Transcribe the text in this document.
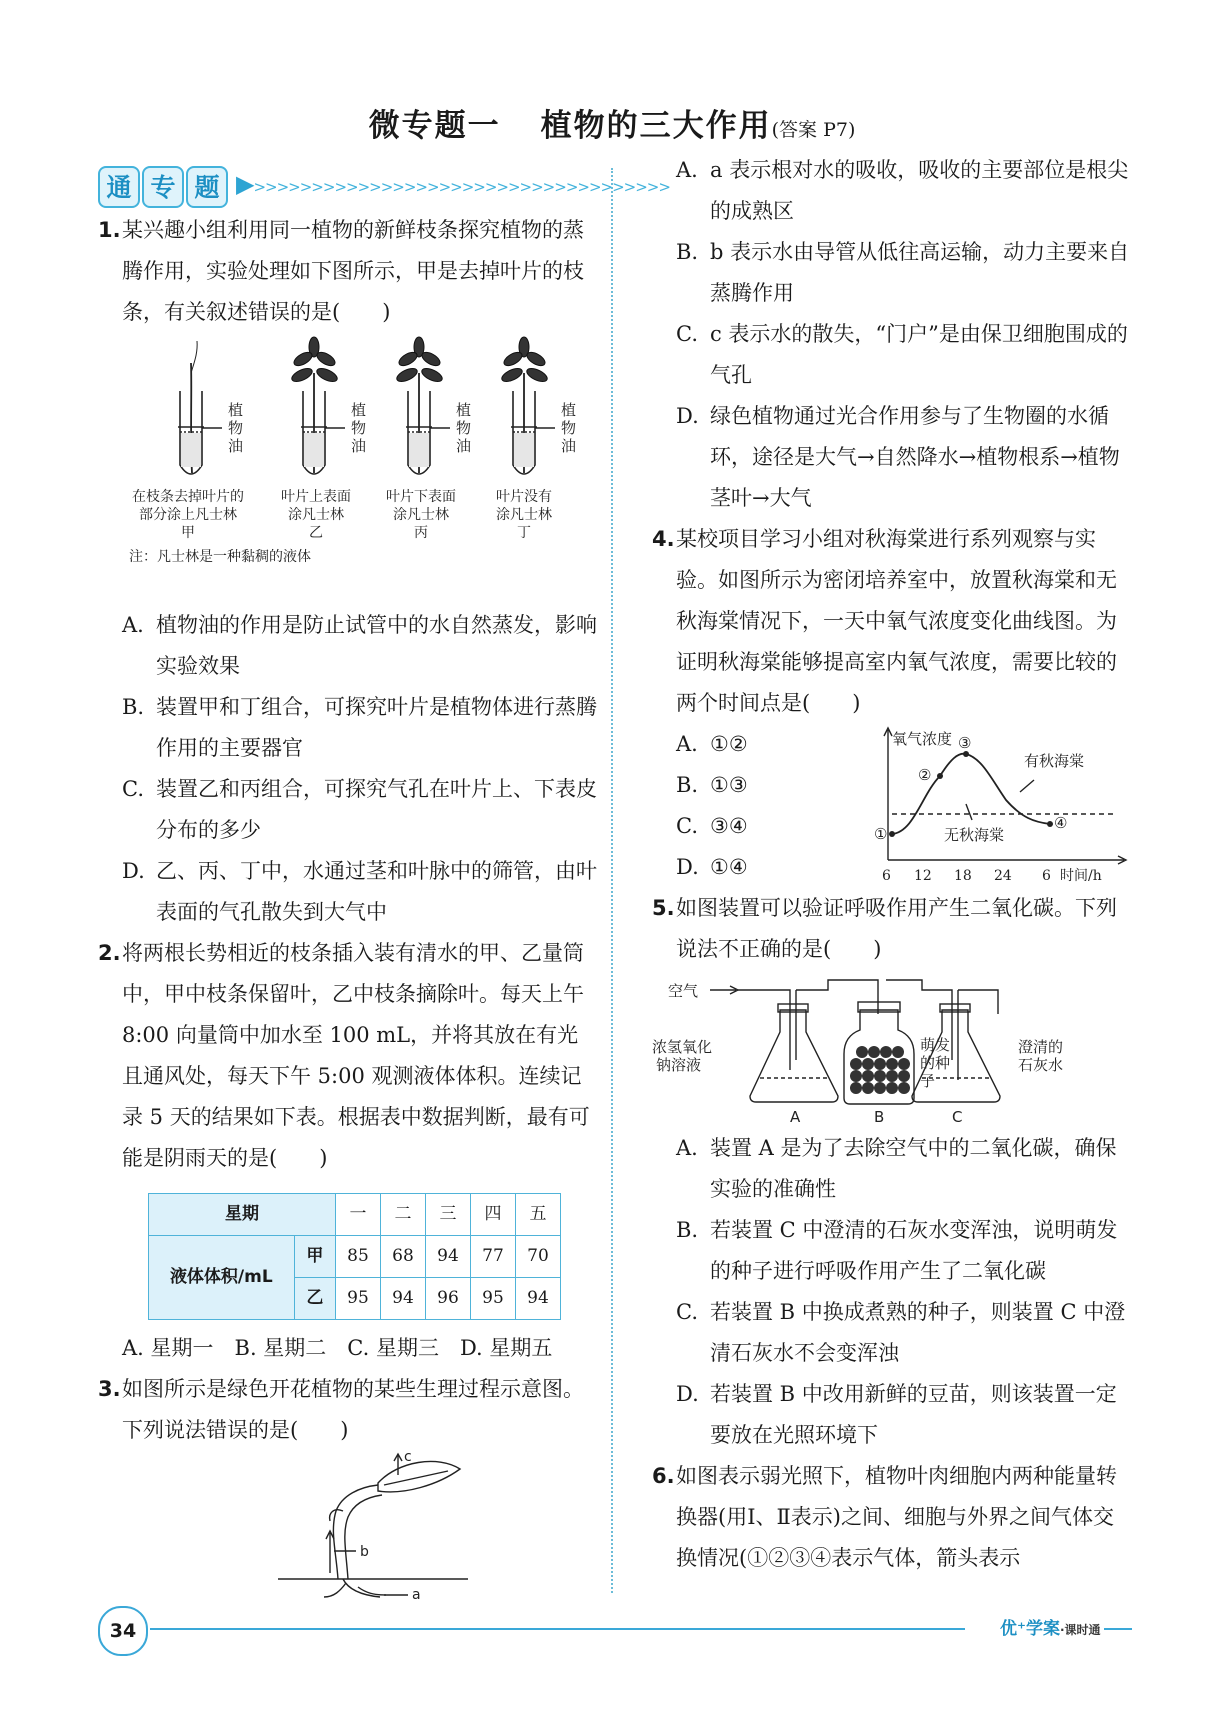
微专题一 植物的三大作用(答案 P7)
通 专 题 ▶>>>>>>>>>>>>>>>>>>>>>>>>>>>>>>>>>>>>
1. 某兴趣小组利用同一植物的新鲜枝条探究植物的蒸腾作用，实验处理如下图所示，甲是去掉叶片的枝条，有关叙述错误的是(　　)
植
物
油
植
物
油
植
物
油
植
物
油
在枝条去掉叶片的
部分涂上凡士林
甲
叶片上表面
涂凡士林
乙
叶片下表面
涂凡士林
丙
叶片没有
涂凡士林
丁
注：凡士林是一种黏稠的液体
A. 植物油的作用是防止试管中的水自然蒸发，影响实验效果
B. 装置甲和丁组合，可探究叶片是植物体进行蒸腾作用的主要器官
C. 装置乙和丙组合，可探究气孔在叶片上、下表皮分布的多少
D. 乙、丙、丁中，水通过茎和叶脉中的筛管，由叶表面的气孔散失到大气中
2. 将两根长势相近的枝条插入装有清水的甲、乙量筒中，甲中枝条保留叶，乙中枝条摘除叶。每天上午 8:00 向量筒中加水至 100 mL，并将其放在有光且通风处，每天下午 5:00 观测液体体积。连续记录 5 天的结果如下表。根据表中数据判断，最有可能是阴雨天的是(　　)
星期		一	二	三	四	五
液体体积/mL	甲	85	68	94	77	70
	乙	95	94	96	95	94
A. 星期一　B. 星期二　C. 星期三　D. 星期五
3. 如图所示是绿色开花植物的某些生理过程示意图。下列说法错误的是(　　)
b
c
a
A. a 表示根对水的吸收，吸收的主要部位是根尖的成熟区
B. b 表示水由导管从低往高运输，动力主要来自蒸腾作用
C. c 表示水的散失，“门户”是由保卫细胞围成的气孔
D. 绿色植物通过光合作用参与了生物圈的水循环，途径是大气→自然降水→植物根系→植物茎叶→大气
4. 某校项目学习小组对秋海棠进行系列观察与实验。如图所示为密闭培养室中，放置秋海棠和无秋海棠情况下，一天中氧气浓度变化曲线图。为证明秋海棠能够提高室内氧气浓度，需要比较的两个时间点是(　　)
A. ①②
B. ①③
C. ③④
D. ①④
氧气浓度
①
②
③
④
有秋海棠
无秋海棠
6 12 18 24 6 时间/h
5. 如图装置可以验证呼吸作用产生二氧化碳。下列说法不正确的是(　　)
空气
浓氢氧化
钠溶液
萌发
的种
子
澄清的
石灰水
A	B	C
A. 装置 A 是为了去除空气中的二氧化碳，确保实验的准确性
B. 若装置 C 中澄清的石灰水变浑浊，说明萌发的种子进行呼吸作用产生了二氧化碳
C. 若装置 B 中换成煮熟的种子，则装置 C 中澄清石灰水不会变浑浊
D. 若装置 B 中改用新鲜的豆苗，则该装置一定要放在光照环境下
6. 如图表示弱光照下，植物叶肉细胞内两种能量转换器(用Ⅰ、Ⅱ表示)之间、细胞与外界之间气体交换情况(①②③④表示气体，箭头表示
34	优⁺学案·课时通
